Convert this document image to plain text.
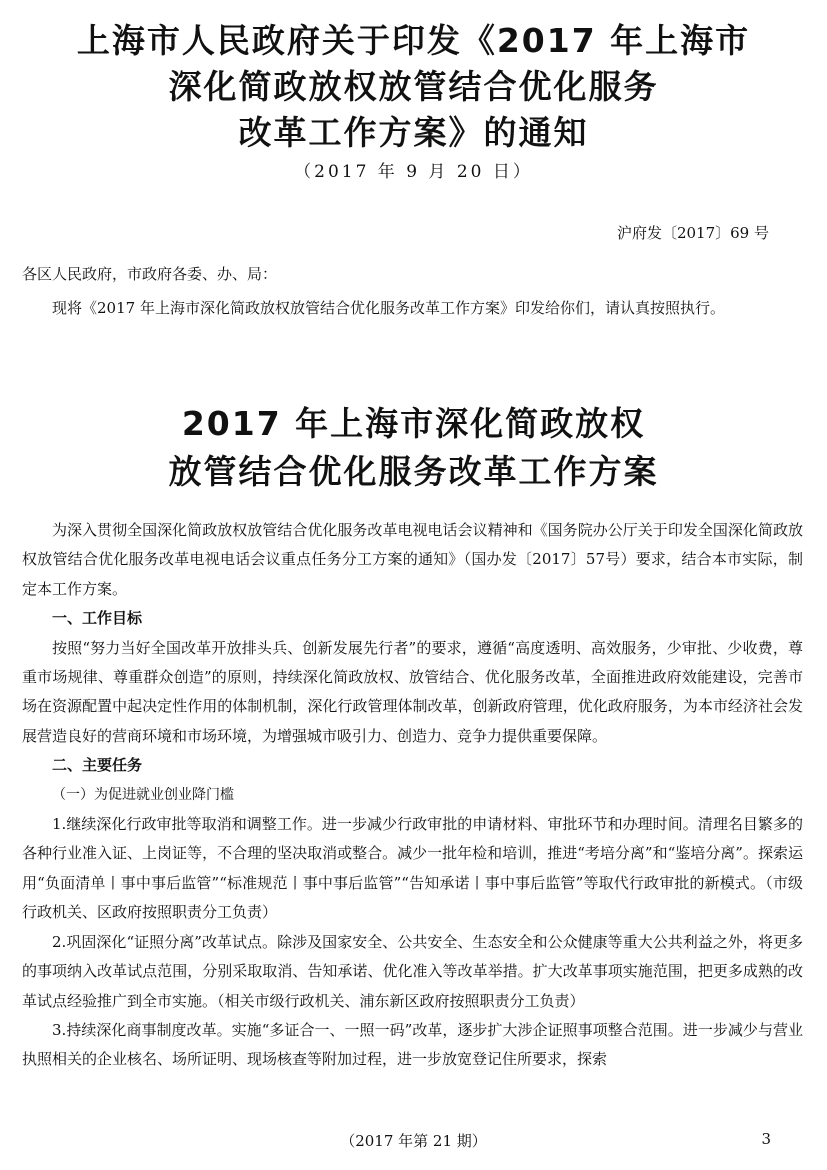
上海市人民政府关于印发《2017 年上海市
深化简政放权放管结合优化服务
改革工作方案》的通知
（2017 年 9 月 20 日）
沪府发〔2017〕69 号
各区人民政府，市政府各委、办、局：
现将《2017 年上海市深化简政放权放管结合优化服务改革工作方案》印发给你们，请认真按照执行。
2017 年上海市深化简政放权
放管结合优化服务改革工作方案

为深入贯彻全国深化简政放权放管结合优化服务改革电视电话会议精神和《国务院办公厅关于印发全国深化简政放权放管结合优化服务改革电视电话会议重点任务分工方案的通知》（国办发〔2017〕57号）要求，结合本市实际，制定本工作方案。

一、工作目标

按照“努力当好全国改革开放排头兵、创新发展先行者”的要求，遵循“高度透明、高效服务，少审批、少收费，尊重市场规律、尊重群众创造”的原则，持续深化简政放权、放管结合、优化服务改革，全面推进政府效能建设，完善市场在资源配置中起决定性作用的体制机制，深化行政管理体制改革，创新政府管理，优化政府服务，为本市经济社会发展营造良好的营商环境和市场环境，为增强城市吸引力、创造力、竞争力提供重要保障。

二、主要任务

（一）为促进就业创业降门槛

1.继续深化行政审批等取消和调整工作。进一步减少行政审批的申请材料、审批环节和办理时间。清理名目繁多的各种行业准入证、上岗证等，不合理的坚决取消或整合。减少一批年检和培训，推进“考培分离”和“鉴培分离”。探索运用“负面清单丨事中事后监管”“标准规范丨事中事后监管”“告知承诺丨事中事后监管”等取代行政审批的新模式。（市级行政机关、区政府按照职责分工负责）

2.巩固深化“证照分离”改革试点。除涉及国家安全、公共安全、生态安全和公众健康等重大公共利益之外，将更多的事项纳入改革试点范围，分别采取取消、告知承诺、优化准入等改革举措。扩大改革事项实施范围，把更多成熟的改革试点经验推广到全市实施。（相关市级行政机关、浦东新区政府按照职责分工负责）

3.持续深化商事制度改革。实施“多证合一、一照一码”改革，逐步扩大涉企证照事项整合范围。进一步减少与营业执照相关的企业核名、场所证明、现场核查等附加过程，进一步放宽登记住所要求，探索

（2017 年第 21 期）	3
